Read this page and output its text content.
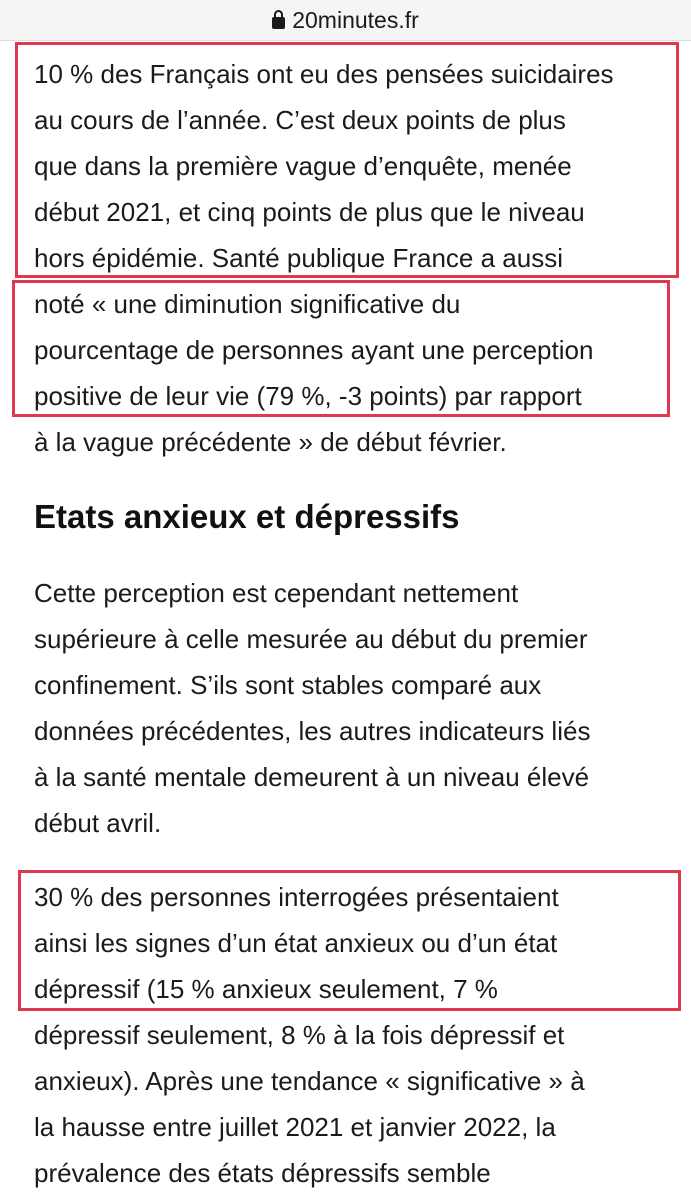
20minutes.fr
10 % des Français ont eu des pensées suicidaires
au cours de l’année. C’est deux points de plus
que dans la première vague d’enquête, menée
début 2021, et cinq points de plus que le niveau
hors épidémie. Santé publique France a aussi
noté « une diminution significative du
pourcentage de personnes ayant une perception
positive de leur vie (79 %, -3 points) par rapport
à la vague précédente » de début février.
Etats anxieux et dépressifs
Cette perception est cependant nettement
supérieure à celle mesurée au début du premier
confinement. S’ils sont stables comparé aux
données précédentes, les autres indicateurs liés
à la santé mentale demeurent à un niveau élevé
début avril.
30 % des personnes interrogées présentaient
ainsi les signes d’un état anxieux ou d’un état
dépressif (15 % anxieux seulement, 7 %
dépressif seulement, 8 % à la fois dépressif et
anxieux). Après une tendance « significative » à
la hausse entre juillet 2021 et janvier 2022, la
prévalence des états dépressifs semble
